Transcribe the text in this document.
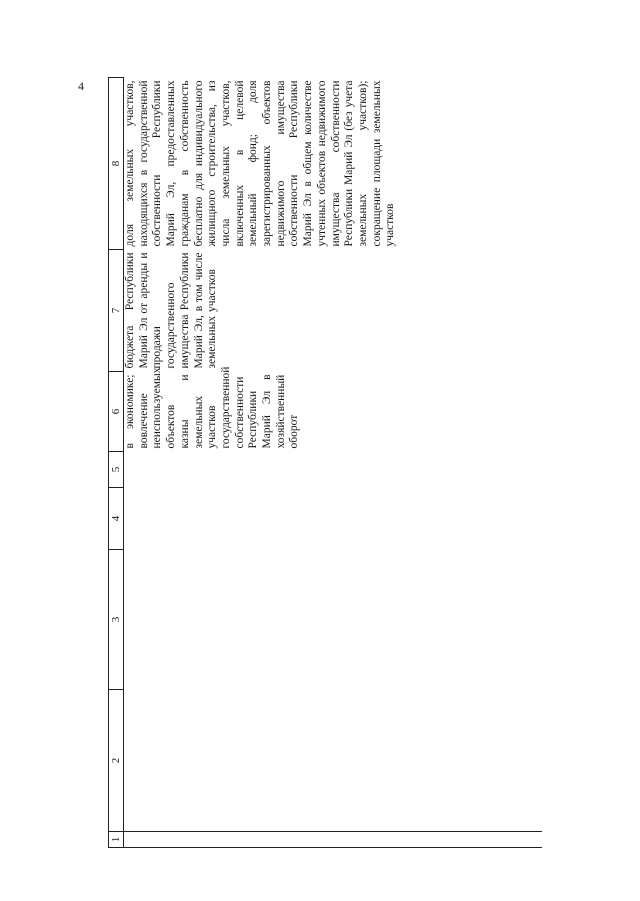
4
1	2	3	4	5	6	7	8

					в экономике; вовлечение неиспользуемых объектов казны и земельных участков государственной собственности Республики Марий Эл в хозяйственный оборот	бюджета Республики Марий Эл от аренды и продажи государственного имущества Республики Марий Эл, в том числе земельных участков	доля земельных участков, находящихся в государственной собственности Республики Марий Эл, предоставленных гражданам в собственность бесплатно для индивидуального жилищного строительства, из числа земельных участков, включенных в целевой земельный фонд; доля зарегистрированных объектов недвижимого имущества собственности Республики Марий Эл в общем количестве учтенных объектов недвижимого имущества собственности Республики Марий Эл (без учета земельных участков); сокращение площади земельных участков
